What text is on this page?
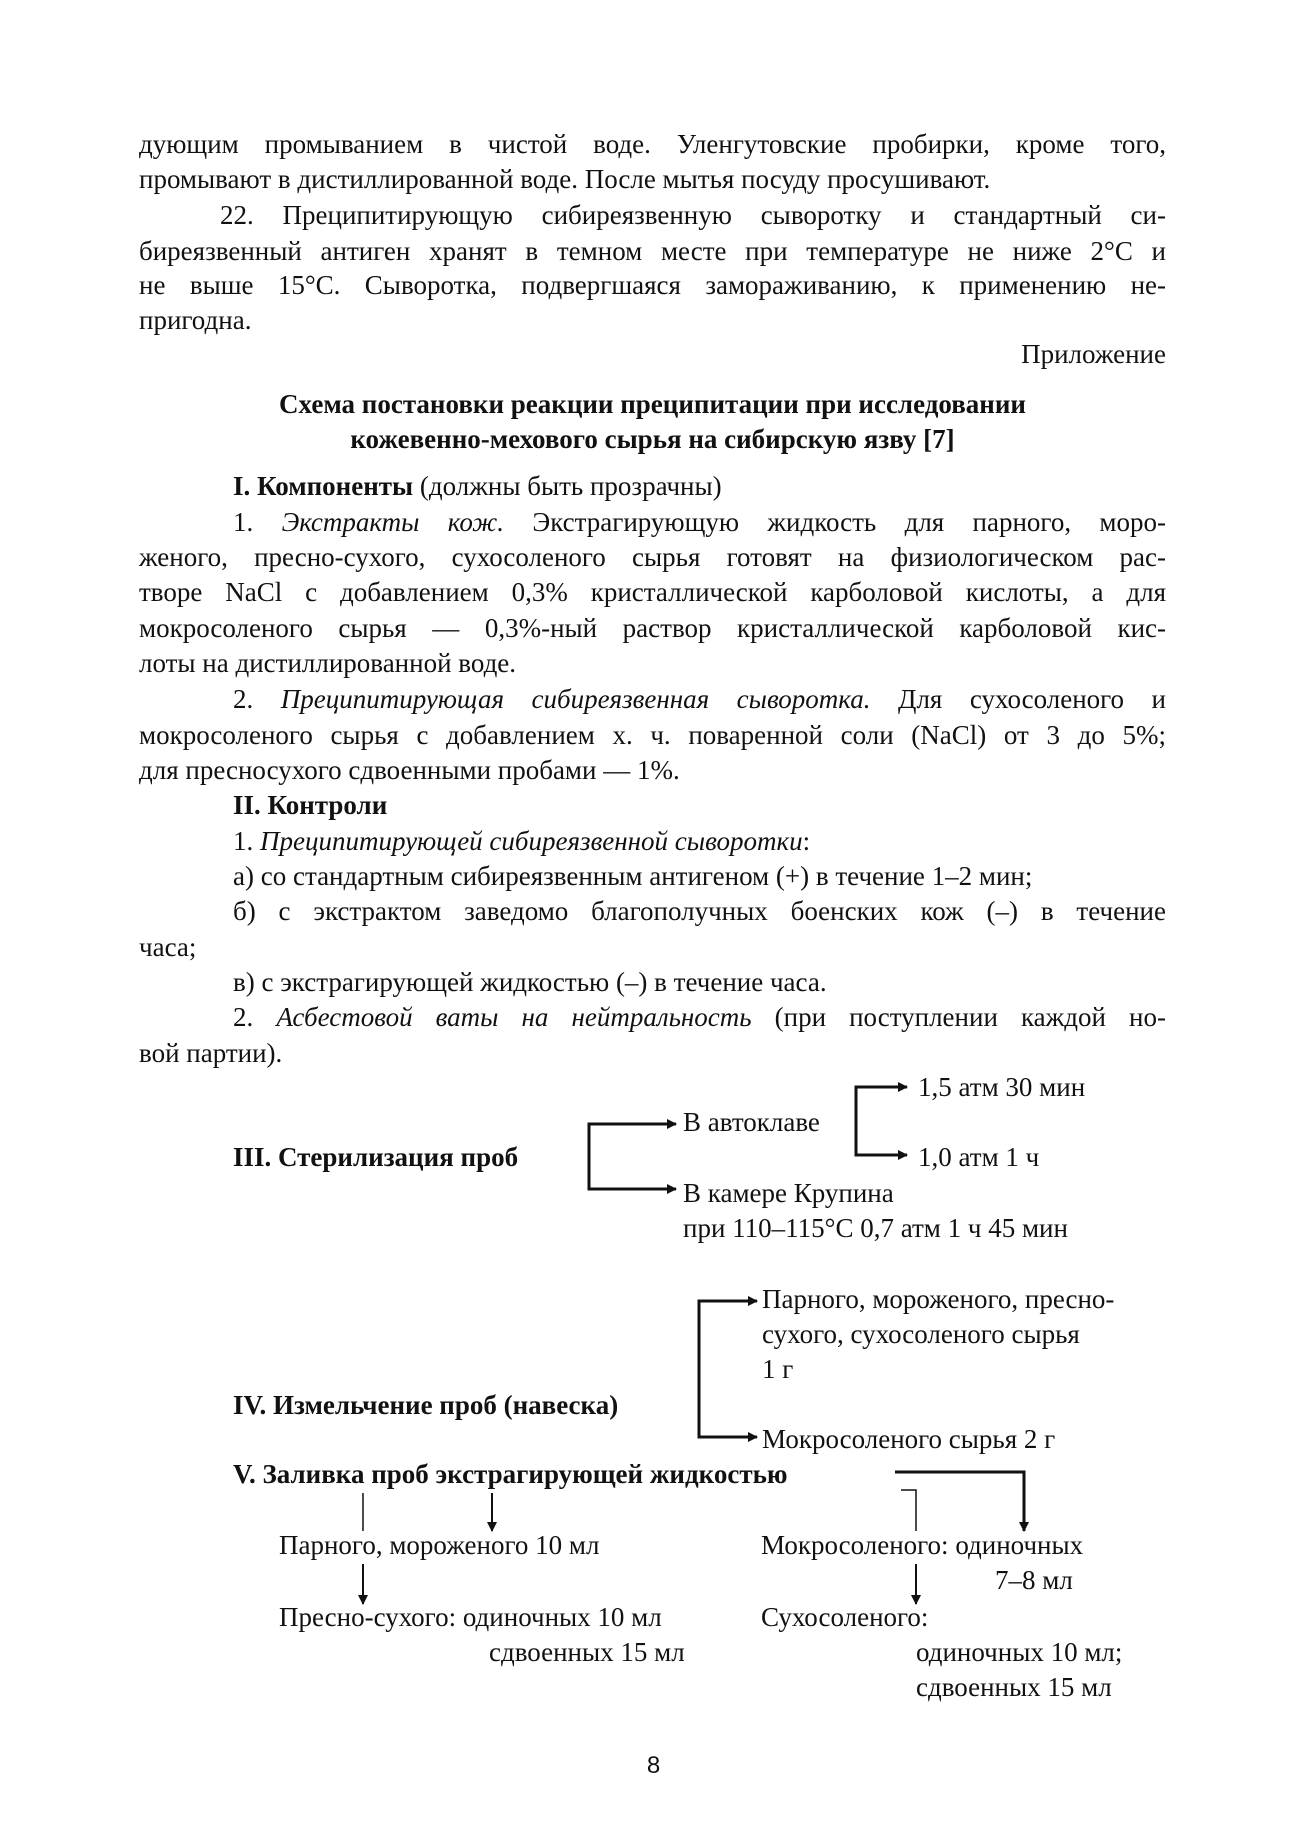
дующим промыванием в чистой воде. Уленгутовские пробирки, кроме того,
промывают в дистиллированной воде. После мытья посуду просушивают.
22. Преципитирующую сибиреязвенную сыворотку и стандартный си-
биреязвенный антиген хранят в темном месте при температуре не ниже 2°С и
не выше 15°С. Сыворотка, подвергшаяся замораживанию, к применению не-
пригодна.
Приложение
Схема постановки реакции преципитации при исследовании
кожевенно-мехового сырья на сибирскую язву [7]
I. Компоненты (должны быть прозрачны)
1. Экстракты кож. Экстрагирующую жидкость для парного, моро-
женого, пресно-сухого, сухосоленого сырья готовят на физиологическом рас-
творе NaCl с добавлением 0,3% кристаллической карболовой кислоты, а для
мокросоленого сырья — 0,3%-ный раствор кристаллической карболовой кис-
лоты на дистиллированной воде.
2. Преципитирующая сибиреязвенная сыворотка. Для сухосоленого и
мокросоленого сырья с добавлением х. ч. поваренной соли (NaCl) от 3 до 5%;
для пресносухого сдвоенными пробами — 1%.
II. Контроли
1. Преципитирующей сибиреязвенной сыворотки:
а) со стандартным сибиреязвенным антигеном (+) в течение 1–2 мин;
б) с экстрактом заведомо благополучных боенских кож (–) в течение
часа;
в) с экстрагирующей жидкостью (–) в течение часа.
2. Асбестовой ваты на нейтральность (при поступлении каждой но-
вой партии).
III. Стерилизация проб
В автоклаве
1,5 атм 30 мин
1,0 атм 1 ч
В камере Крупина
при 110–115°С 0,7 атм 1 ч 45 мин
IV. Измельчение проб (навеска)
Парного, мороженого, пресно-
сухого, сухосоленого сырья
1 г
Мокросоленого сырья 2 г
V. Заливка проб экстрагирующей жидкостью
Парного, мороженого 10 мл
Пресно-сухого: одиночных 10 мл
сдвоенных 15 мл
Мокросоленого: одиночных
7–8 мл
Сухосоленого:
одиночных 10 мл;
сдвоенных 15 мл
8
